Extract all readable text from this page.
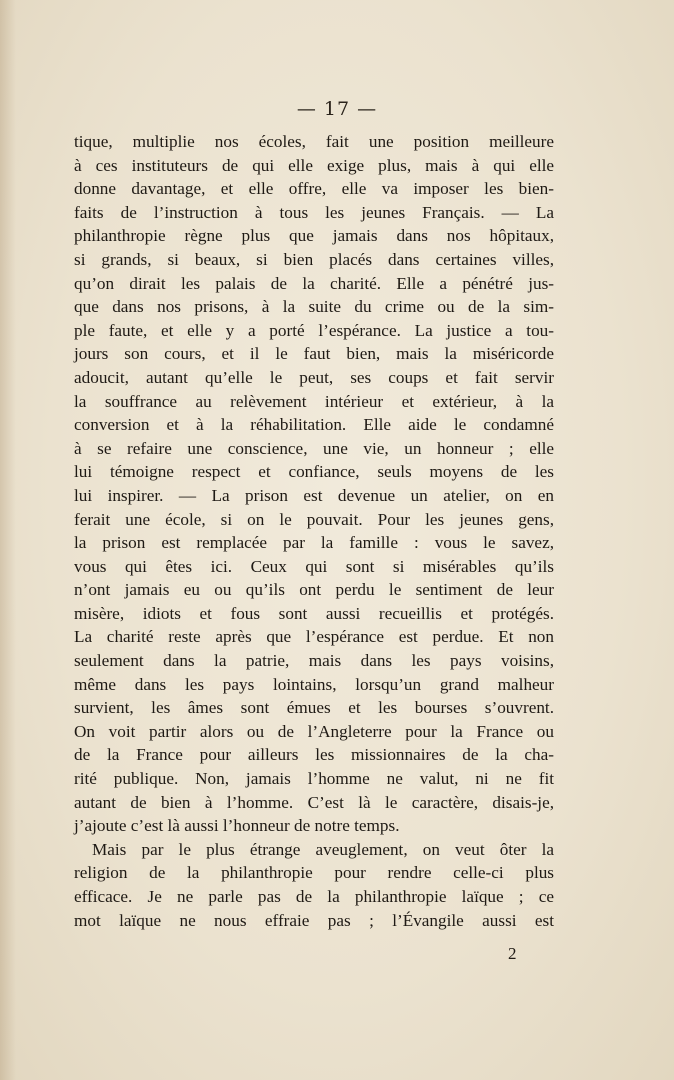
— 17 —
tique, multiplie nos écoles, fait une position meilleure
à ces instituteurs de qui elle exige plus, mais à qui elle
donne davantage, et elle offre, elle va imposer les bien-
faits de l’instruction à tous les jeunes Français. — La
philanthropie règne plus que jamais dans nos hôpitaux,
si grands, si beaux, si bien placés dans certaines villes,
qu’on dirait les palais de la charité. Elle a pénétré jus-
que dans nos prisons, à la suite du crime ou de la sim-
ple faute, et elle y a porté l’espérance. La justice a tou-
jours son cours, et il le faut bien, mais la miséricorde
adoucit, autant qu’elle le peut, ses coups et fait servir
la souffrance au relèvement intérieur et extérieur, à la
conversion et à la réhabilitation. Elle aide le condamné
à se refaire une conscience, une vie, un honneur ; elle
lui témoigne respect et confiance, seuls moyens de les
lui inspirer. — La prison est devenue un atelier, on en
ferait une école, si on le pouvait. Pour les jeunes gens,
la prison est remplacée par la famille : vous le savez,
vous qui êtes ici. Ceux qui sont si misérables qu’ils
n’ont jamais eu ou qu’ils ont perdu le sentiment de leur
misère, idiots et fous sont aussi recueillis et protégés.
La charité reste après que l’espérance est perdue. Et non
seulement dans la patrie, mais dans les pays voisins,
même dans les pays lointains, lorsqu’un grand malheur
survient, les âmes sont émues et les bourses s’ouvrent.
On voit partir alors ou de l’Angleterre pour la France ou
de la France pour ailleurs les missionnaires de la cha-
rité publique. Non, jamais l’homme ne valut, ni ne fit
autant de bien à l’homme. C’est là le caractère, disais-je,
j’ajoute c’est là aussi l’honneur de notre temps.
Mais par le plus étrange aveuglement, on veut ôter la
religion de la philanthropie pour rendre celle-ci plus
efficace. Je ne parle pas de la philanthropie laïque ; ce
mot laïque ne nous effraie pas ; l’Évangile aussi est
2
